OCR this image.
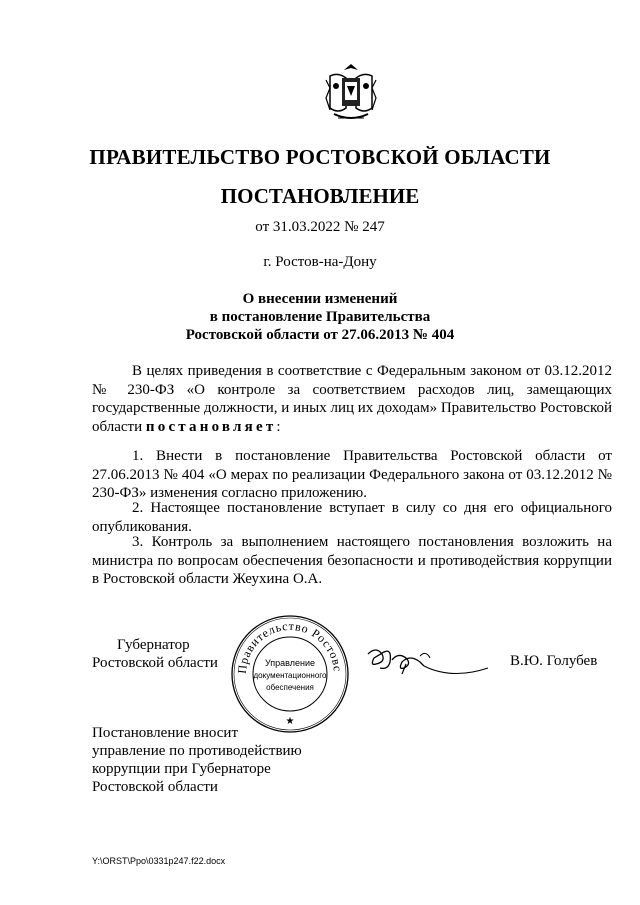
ПРАВИТЕЛЬСТВО РОСТОВСКОЙ ОБЛАСТИ
ПОСТАНОВЛЕНИЕ
от 31.03.2022 № 247
г. Ростов-на-Дону
О внесении изменений
в постановление Правительства
Ростовской области от 27.06.2013 № 404
В целях приведения в соответствие с Федеральным законом от 03.12.2012 № 230-ФЗ «О контроле за соответствием расходов лиц, замещающих государственные должности, и иных лиц их доходам» Правительство Ростовской области постановляет:
1. Внести в постановление Правительства Ростовской области от 27.06.2013 № 404 «О мерах по реализации Федерального закона от 03.12.2012 № 230-ФЗ» изменения согласно приложению.
2. Настоящее постановление вступает в силу со дня его официального опубликования.
3. Контроль за выполнением настоящего постановления возложить на министра по вопросам обеспечения безопасности и противодействия коррупции в Ростовской области Жеухина О.А.
Губернатор
Ростовской области	Правительство Ростовс
Управление
документационного
обеспечения
★
В.Ю. Голубев
Постановление вносит
управление по противодействию
коррупции при Губернаторе
Ростовской области
Y:\ORST\Ppo\0331p247.f22.docx
